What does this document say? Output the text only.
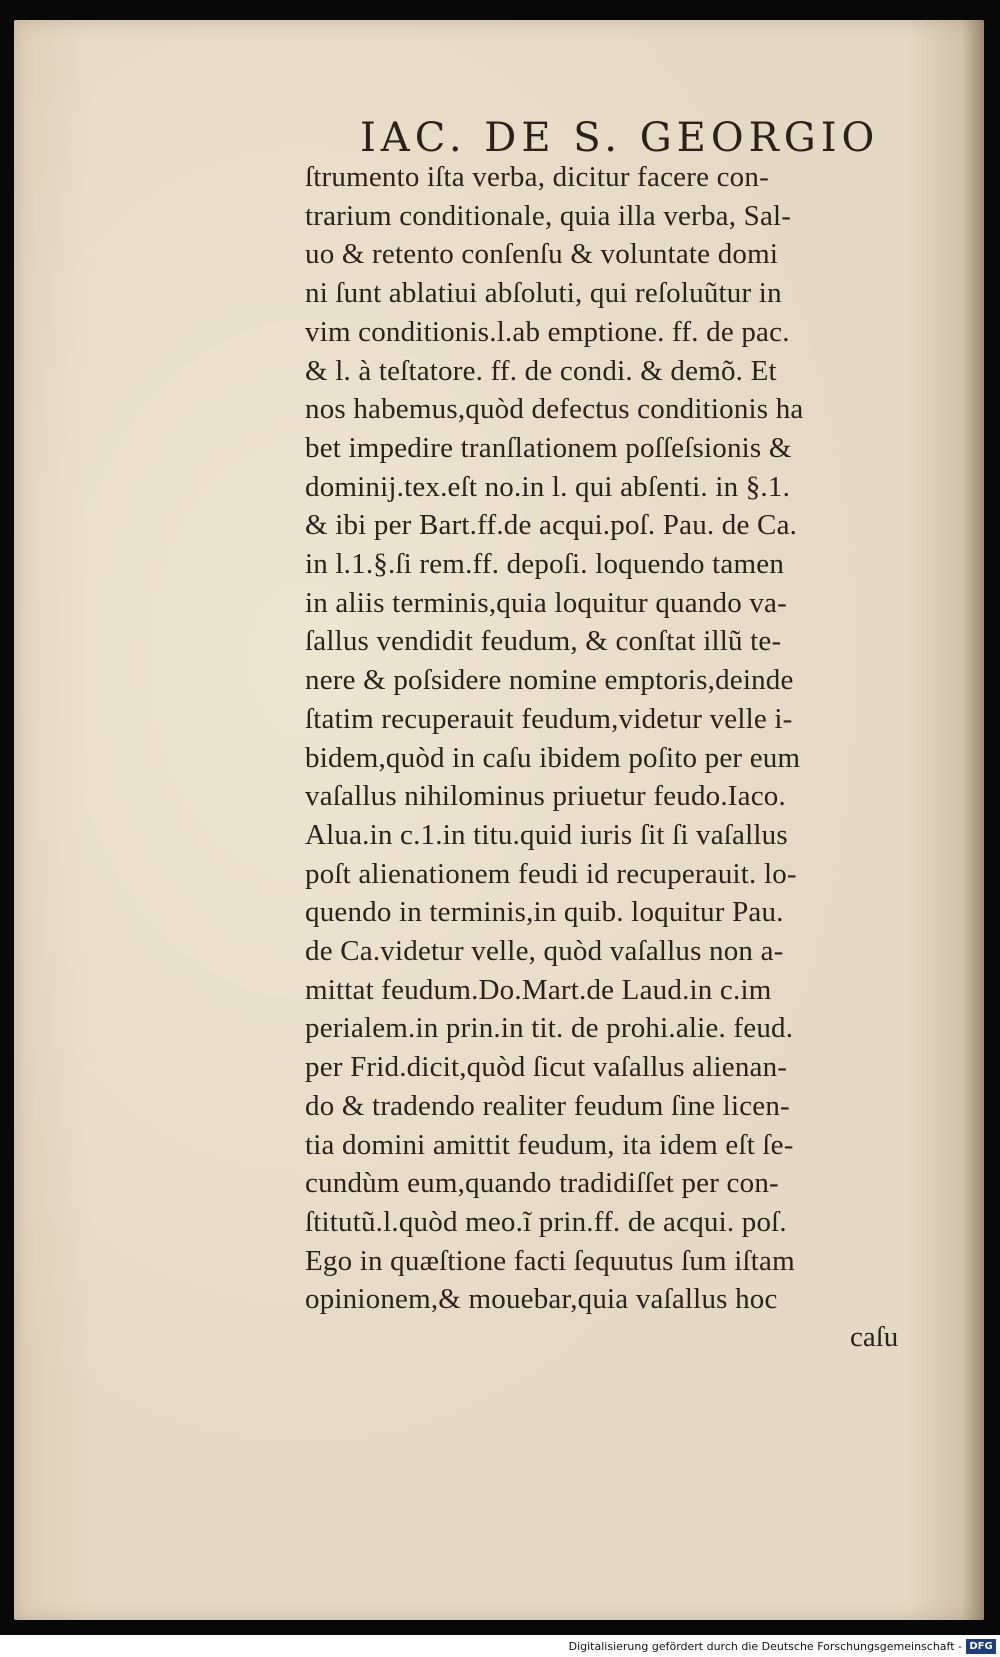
IAC. DE S. GEORGIO
ſtrumento iſta verba, dicitur facere con-
trarium conditionale, quia illa verba, Sal-
uo & retento conſenſu & voluntate domi
ni ſunt ablatiui abſoluti, qui reſoluũtur in
vim conditionis.l.ab emptione. ff. de pac.
& l. à teſtatore. ff. de condi. & demõ. Et
nos habemus,quòd defectus conditionis ha
bet impedire tranſlationem poſſeſsionis &
dominij.tex.eſt no.in l. qui abſenti. in §.1.
& ibi per Bart.ff.de acqui.poſ. Pau. de Ca.
in l.1.§.ſi rem.ff. depoſi. loquendo tamen
in aliis terminis,quia loquitur quando va-
ſallus vendidit feudum, & conſtat illũ te-
nere & poſsidere nomine emptoris,deinde
ſtatim recuperauit feudum,videtur velle i-
bidem,quòd in caſu ibidem poſito per eum
vaſallus nihilominus priuetur feudo.Iaco.
Alua.in c.1.in titu.quid iuris ſit ſi vaſallus
poſt alienationem feudi id recuperauit. lo-
quendo in terminis,in quib. loquitur Pau.
de Ca.videtur velle, quòd vaſallus non a-
mittat feudum.Do.Mart.de Laud.in c.im
perialem.in prin.in tit. de prohi.alie. feud.
per Frid.dicit,quòd ſicut vaſallus alienan-
do & tradendo realiter feudum ſine licen-
tia domini amittit feudum, ita idem eſt ſe-
cundùm eum,quando tradidiſſet per con-
ſtitutũ.l.quòd meo.ĩ prin.ff. de acqui. poſ.
Ego in quæſtione facti ſequutus ſum iſtam
opinionem,& mouebar,quia vaſallus hoc
caſu
Digitalisierung gefördert durch die Deutsche Forschungsgemeinschaft - DFG
